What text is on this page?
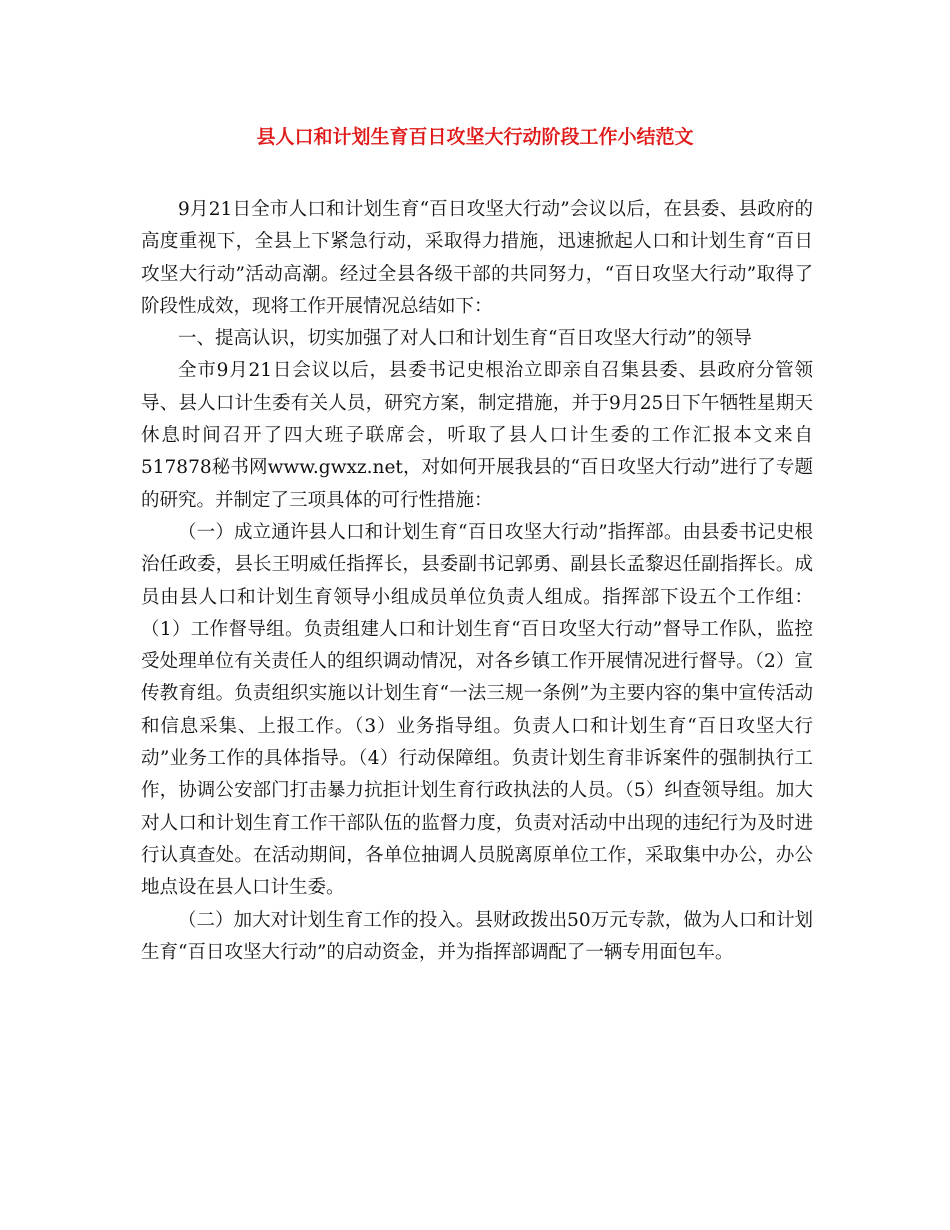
县人口和计划生育百日攻坚大行动阶段工作小结范文

9月21日全市人口和计划生育“百日攻坚大行动”会议以后，在县委、县政府的高度重视下，全县上下紧急行动，采取得力措施，迅速掀起人口和计划生育“百日攻坚大行动”活动高潮。经过全县各级干部的共同努力，“百日攻坚大行动”取得了阶段性成效，现将工作开展情况总结如下：

一、提高认识，切实加强了对人口和计划生育“百日攻坚大行动”的领导

全市9月21日会议以后，县委书记史根治立即亲自召集县委、县政府分管领导、县人口计生委有关人员，研究方案，制定措施，并于9月25日下午牺牲星期天休息时间召开了四大班子联席会，听取了县人口计生委的工作汇报本文来自517878秘书网www.gwxz.net，对如何开展我县的“百日攻坚大行动”进行了专题的研究。并制定了三项具体的可行性措施：

（一）成立通许县人口和计划生育“百日攻坚大行动”指挥部。由县委书记史根治任政委，县长王明威任指挥长，县委副书记郭勇、副县长孟黎迟任副指挥长。成员由县人口和计划生育领导小组成员单位负责人组成。指挥部下设五个工作组：（1）工作督导组。负责组建人口和计划生育“百日攻坚大行动”督导工作队，监控受处理单位有关责任人的组织调动情况，对各乡镇工作开展情况进行督导。（2）宣传教育组。负责组织实施以计划生育“一法三规一条例”为主要内容的集中宣传活动和信息采集、上报工作。（3）业务指导组。负责人口和计划生育“百日攻坚大行动”业务工作的具体指导。（4）行动保障组。负责计划生育非诉案件的强制执行工作，协调公安部门打击暴力抗拒计划生育行政执法的人员。（5）纠查领导组。加大对人口和计划生育工作干部队伍的监督力度，负责对活动中出现的违纪行为及时进行认真查处。在活动期间，各单位抽调人员脱离原单位工作，采取集中办公，办公地点设在县人口计生委。

（二）加大对计划生育工作的投入。县财政拨出50万元专款，做为人口和计划生育“百日攻坚大行动”的启动资金，并为指挥部调配了一辆专用面包车。
